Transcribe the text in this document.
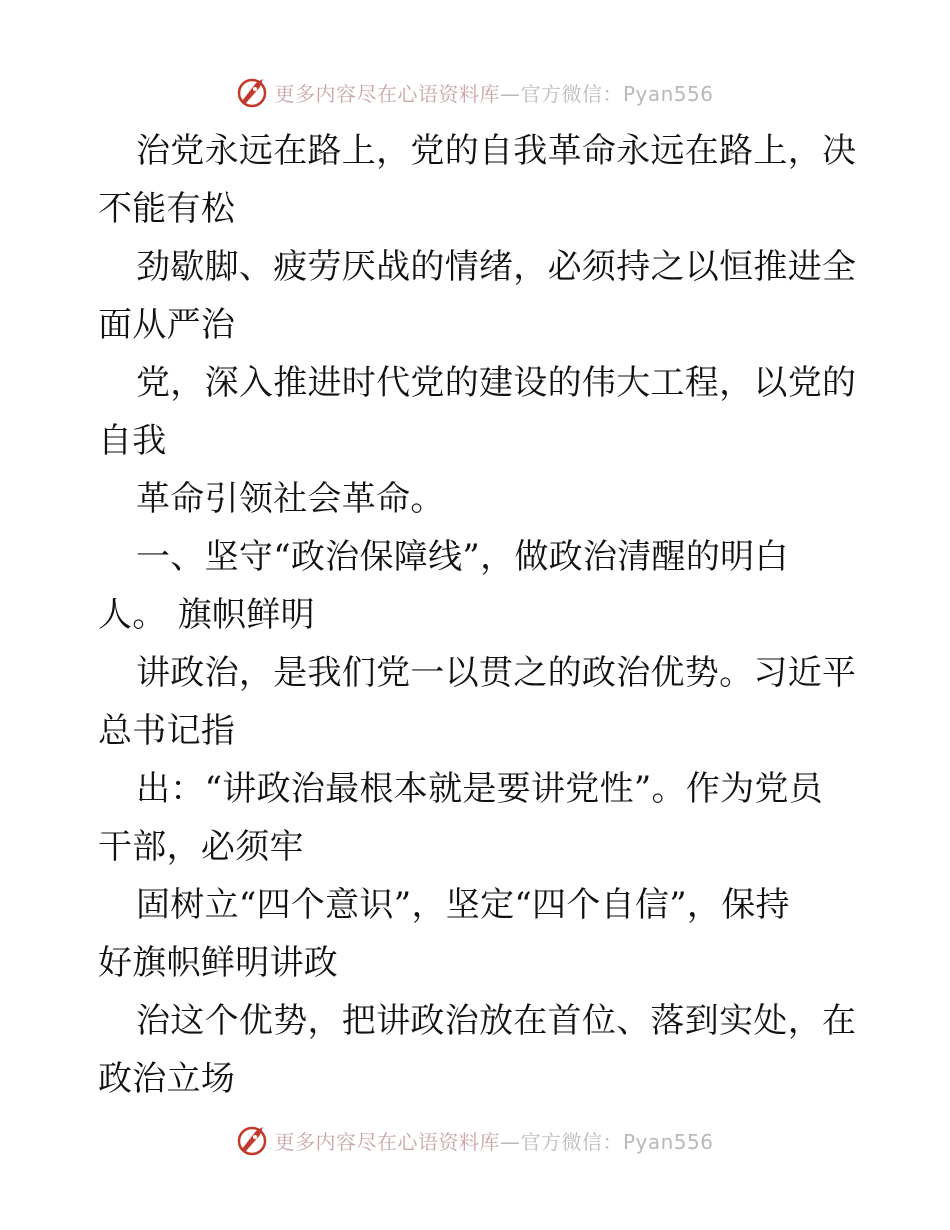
更多内容尽在心语资料库—官方微信：Pyan556
治党永远在路上，党的自我革命永远在路上，决
不能有松
劲歇脚、疲劳厌战的情绪，必须持之以恒推进全
面从严治
党，深入推进时代党的建设的伟大工程，以党的
自我
革命引领社会革命。
一、坚守“政治保障线”，做政治清醒的明白
人。 旗帜鲜明
讲政治，是我们党一以贯之的政治优势。习近平
总书记指
出：“讲政治最根本就是要讲党性”。作为党员
干部，必须牢
固树立“四个意识”，坚定“四个自信”，保持
好旗帜鲜明讲政
治这个优势，把讲政治放在首位、落到实处，在
政治立场
更多内容尽在心语资料库—官方微信：Pyan556
